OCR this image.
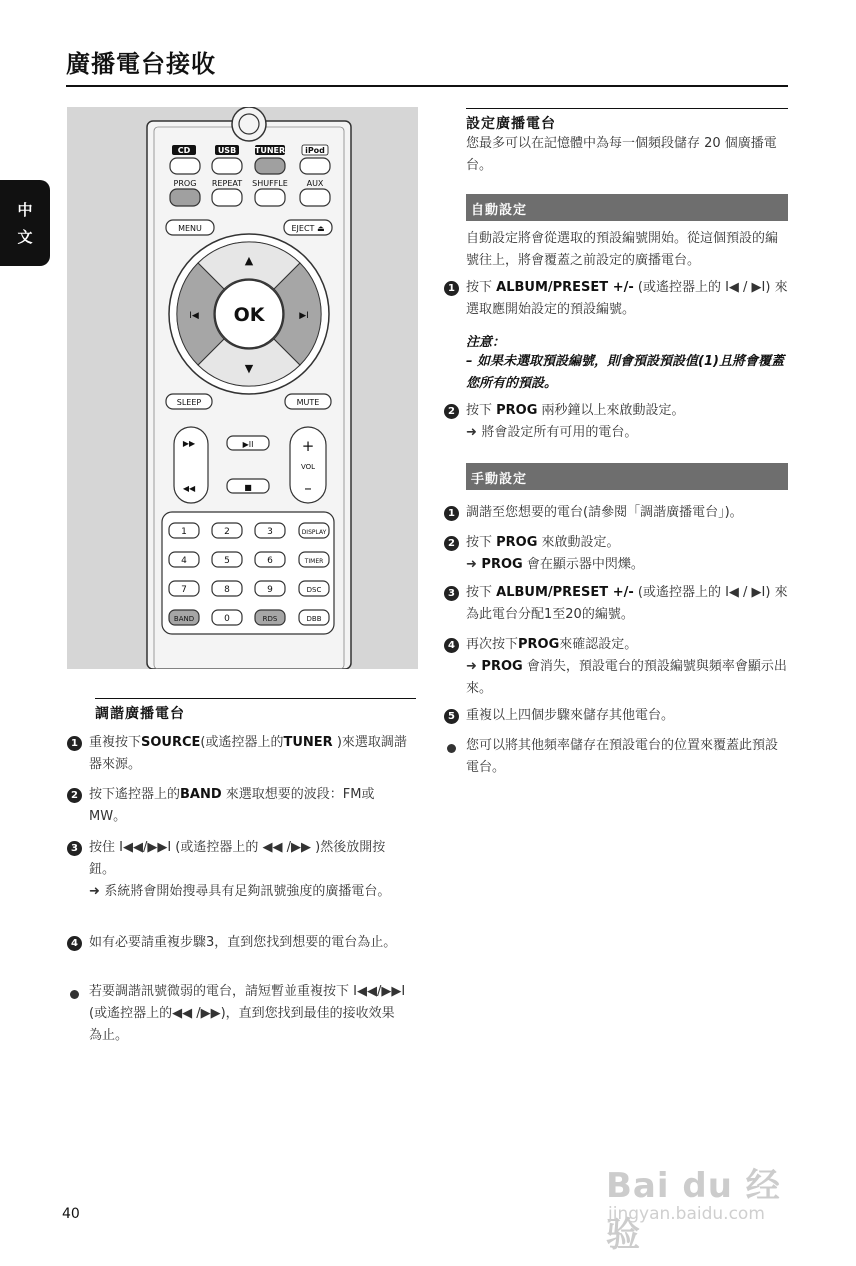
廣播電台接收
中
文
CD	USB TUNER iPod
PROG REPEAT SHUFFLE AUX
MENU	EJECT ⏏
OK
▲
▼
I◀	▶I
SLEEP	MUTE
▶▶
◀◀
▶II
■
+
VOL
–
1	2	3	DISPLAY
4	5	6	TIMER
7	8	9	DSC
BAND	0	RDS	DBB
調諧廣播電台
1 重複按下SOURCE(或遙控器上的TUNER )來選取調諧器來源。
2 按下遙控器上的BAND 來選取想要的波段：FM或MW。
3 按住 I◀◀/▶▶I (或遙控器上的 ◀◀ /▶▶ )然後放開按鈕。
➜ 系統將會開始搜尋具有足夠訊號強度的廣播電台。
4 如有必要請重複步驟3，直到您找到想要的電台為止。
若要調諧訊號微弱的電台，請短暫並重複按下 I◀◀/▶▶I (或遙控器上的◀◀ /▶▶)，直到您找到最佳的接收效果為止。
設定廣播電台
您最多可以在記憶體中為每一個頻段儲存 20 個廣播電台。
自動設定
自動設定將會從選取的預設編號開始。從這個預設的編號往上，將會覆蓋之前設定的廣播電台。
1 按下 ALBUM/PRESET +/- (或遙控器上的 I◀ / ▶I) 來選取應開始設定的預設編號。
注意：
– 如果未選取預設編號，則會預設預設值(1)且將會覆蓋您所有的預設。
2 按下 PROG 兩秒鐘以上來啟動設定。
➜ 將會設定所有可用的電台。
手動設定
1 調諧至您想要的電台(請參閱「調諧廣播電台」)。
2 按下 PROG 來啟動設定。
➜ PROG 會在顯示器中閃爍。
3 按下 ALBUM/PRESET +/- (或遙控器上的 I◀ / ▶I) 來為此電台分配1至20的編號。
4 再次按下PROG來確認設定。
➜ PROG 會消失，預設電台的預設編號與頻率會顯示出來。
5 重複以上四個步驟來儲存其他電台。
您可以將其他頻率儲存在預設電台的位置來覆蓋此預設電台。
40
Bai du 经验
jingyan.baidu.com
